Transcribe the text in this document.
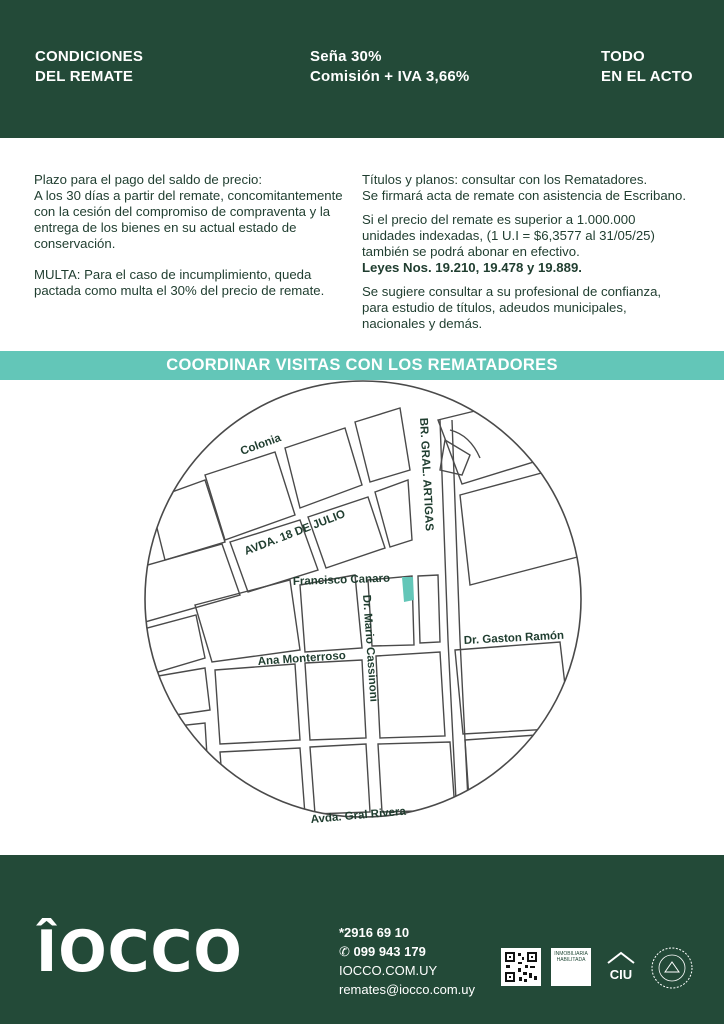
CONDICIONES
DEL REMATE
Seña 30%
Comisión + IVA 3,66%
TODO
EN EL ACTO

Plazo para el pago del saldo de precio:

A los 30 días a partir del remate, concomitantemente

con la cesión del compromiso de compraventa y la

entrega de los bienes en su actual estado de

conservación.

MULTA: Para el caso de incumplimiento, queda

pactada como multa el 30% del precio de remate.

Títulos y planos: consultar con los Rematadores.

Se firmará acta de remate con asistencia de Escribano.

Si el precio del remate es superior a 1.000.000

unidades indexadas, (1 U.I = $6,3577 al 31/05/25)

también se podrá abonar en efectivo.

Leyes Nos. 19.210, 19.478 y 19.889.

Se sugiere consultar a su profesional de confianza,

para estudio de títulos, adeudos municipales,

nacionales y demás.

COORDINAR VISITAS CON LOS REMATADORES
Colonia
AVDA. 18 DE JULIO
BR. GRAL. ARTIGAS
Francisco Canaro
Dr. Mario Cassinoni	Dr. Gaston Ramón
Ana Monterroso
Avda. Gral Rivera
ÎOCCO	*2916 69 10

✆ 099 943 179

IOCCO.COM.UY

remates@iocco.com.uy

INMOBILIARIA
HABILITADA
CIU
